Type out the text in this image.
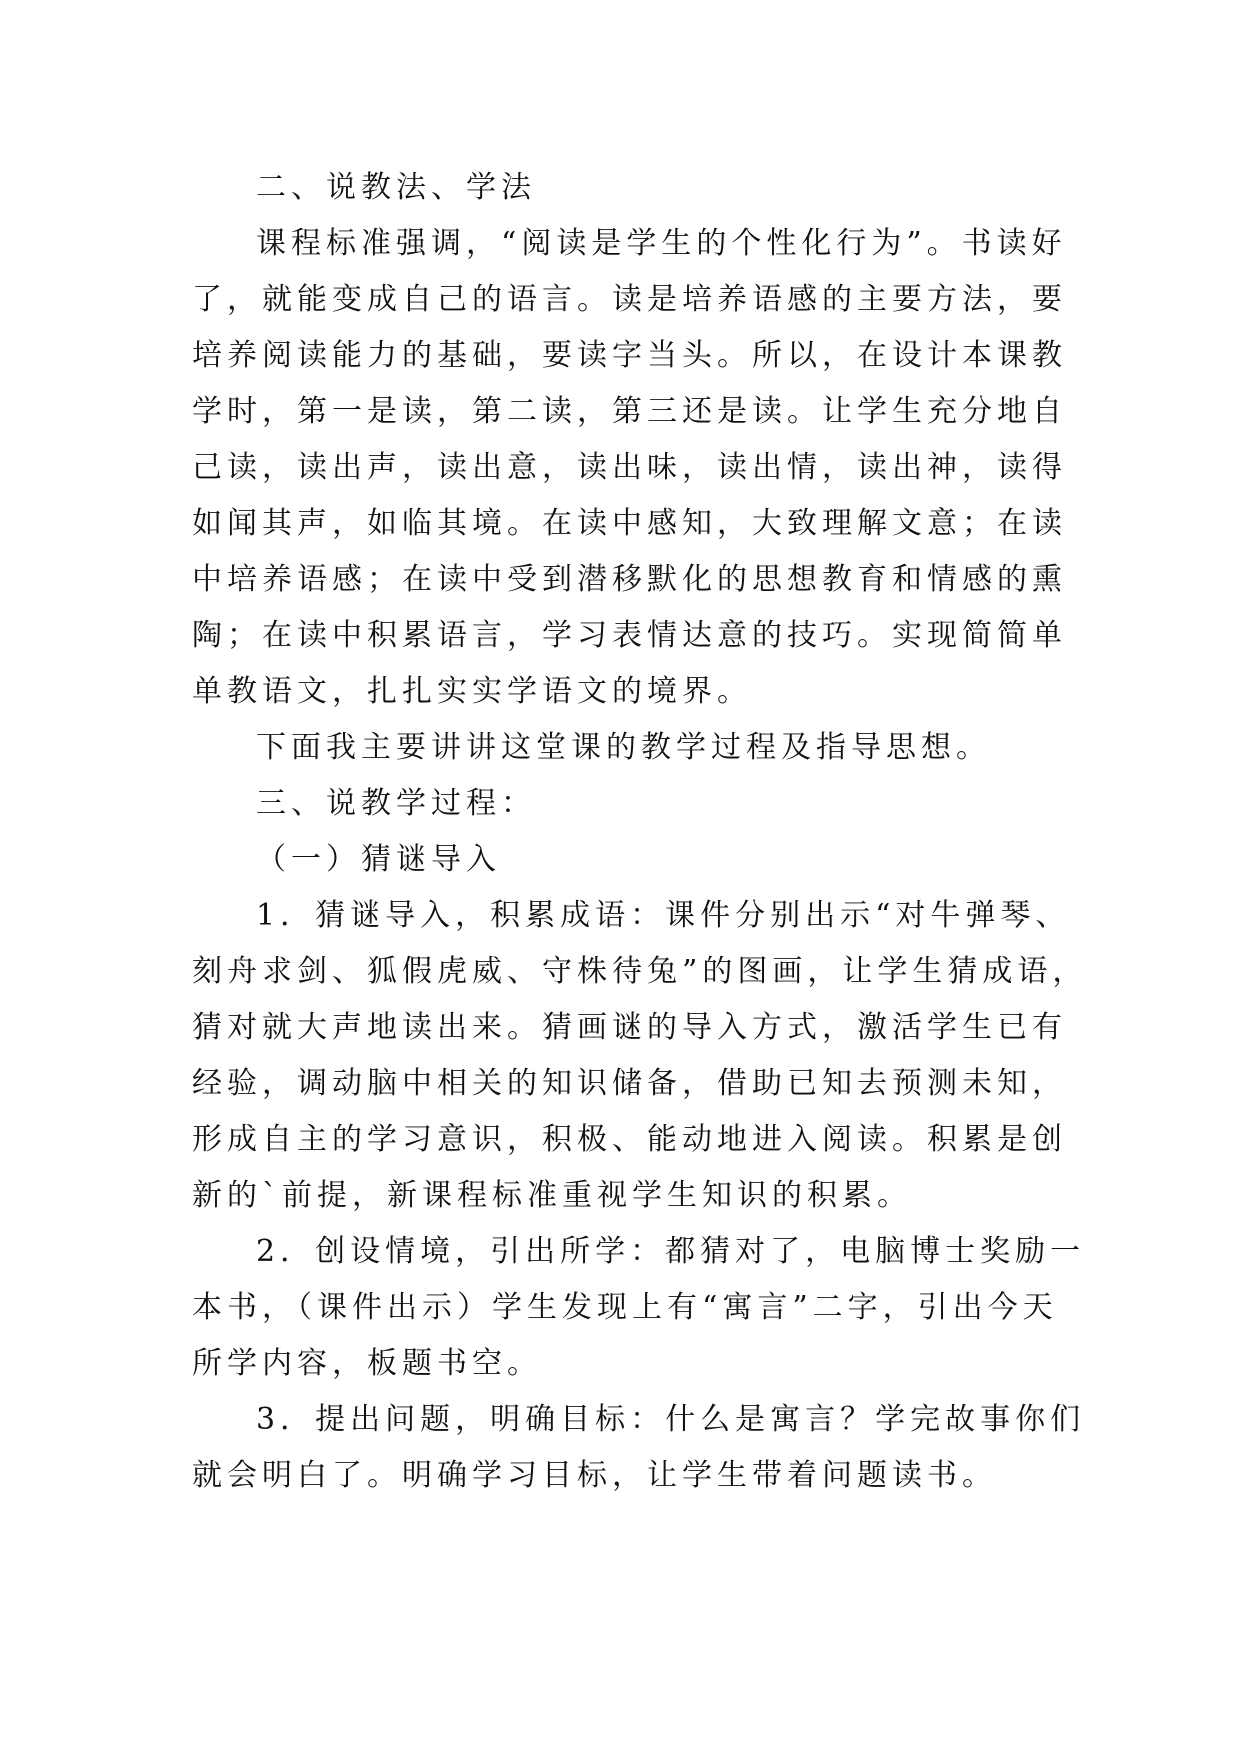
二、说教法、学法

课程标准强调，“阅读是学生的个性化行为”。书读好了，就能变成自己的语言。读是培养语感的主要方法，要培养阅读能力的基础，要读字当头。所以，在设计本课教学时，第一是读，第二读，第三还是读。让学生充分地自己读，读出声，读出意，读出味，读出情，读出神，读得如闻其声，如临其境。在读中感知，大致理解文意；在读中培养语感；在读中受到潜移默化的思想教育和情感的熏陶；在读中积累语言，学习表情达意的技巧。实现简简单单教语文，扎扎实实学语文的境界。

下面我主要讲讲这堂课的教学过程及指导思想。

三、说教学过程：

（一）猜谜导入

1．猜谜导入，积累成语：课件分别出示“对牛弹琴、刻舟求剑、狐假虎威、守株待兔”的图画，让学生猜成语，猜对就大声地读出来。猜画谜的导入方式，激活学生已有经验，调动脑中相关的知识储备，借助已知去预测未知，形成自主的学习意识，积极、能动地进入阅读。积累是创新的`前提，新课程标准重视学生知识的积累。

2．创设情境，引出所学：都猜对了，电脑博士奖励一本书，（课件出示）学生发现上有“寓言”二字，引出今天所学内容，板题书空。

3．提出问题，明确目标：什么是寓言？学完故事你们就会明白了。明确学习目标，让学生带着问题读书。
